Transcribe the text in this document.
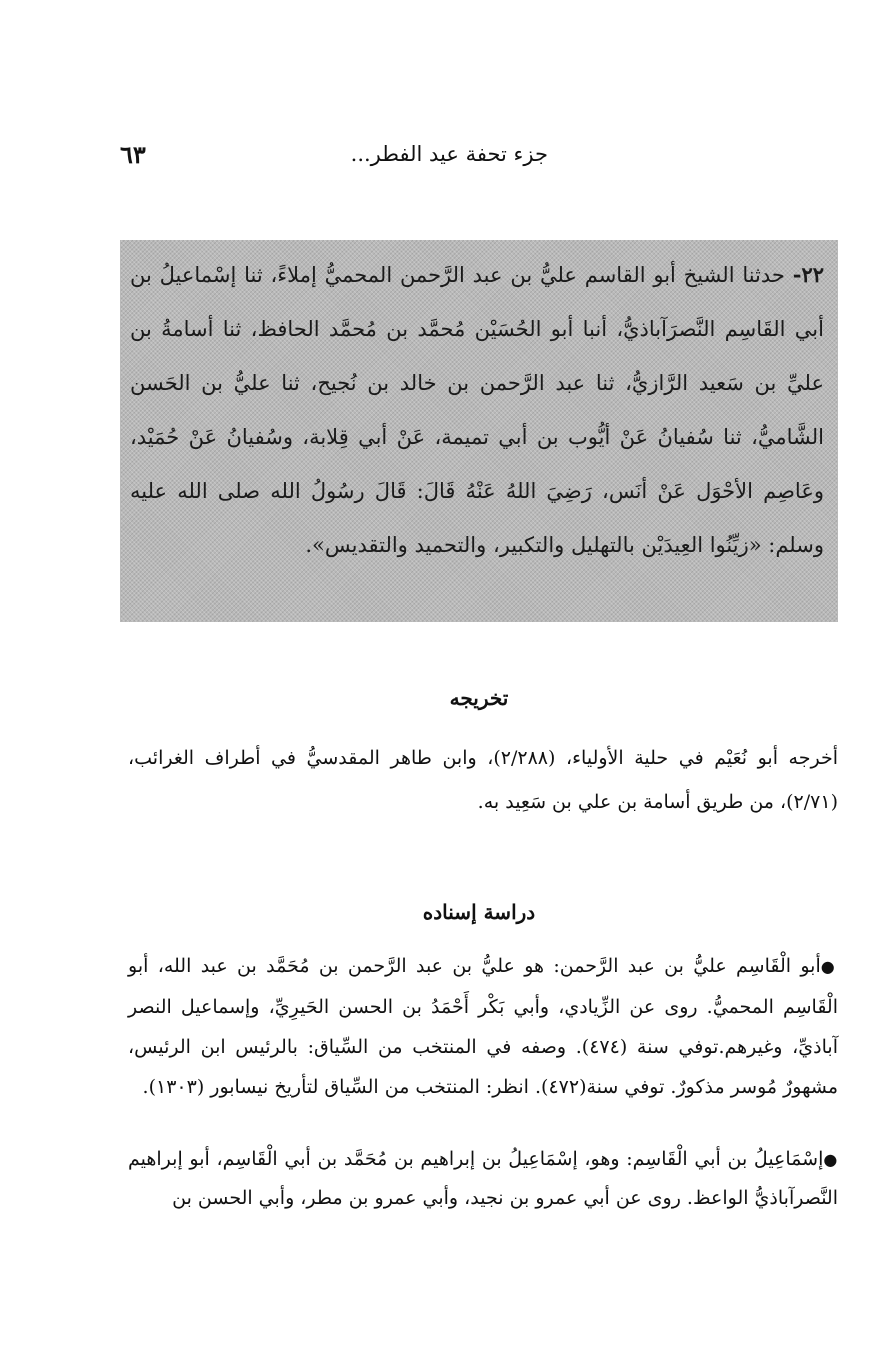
جزء تحفة عيد الفطر...
٦٣

٢٢- حدثنا الشيخ أبو القاسم عليُّ بن عبد الرَّحمن المحميُّ إملاءً، ثنا إسْماعيلُ بن أبي القَاسِم النَّصرَآباذيُّ، أنبا أبو الحُسَيْن مُحمَّد بن مُحمَّد الحافظ، ثنا أسامةُ بن عليِّ بن سَعيد الرَّازيُّ، ثنا عبد الرَّحمن بن خالد بن نُجيح، ثنا عليُّ بن الحَسن الشَّاميُّ، ثنا سُفيانُ عَنْ أيُّوب بن أبي تميمة، عَنْ أبي قِلابة، وسُفيانُ عَنْ حُمَيْد، وعَاصِم الأحْوَل عَنْ أنَس، رَضِيَ اللهُ عَنْهُ قَالَ: قَالَ رسُولُ الله صلى الله عليه وسلم: «زيِّنُوا العِيدَيْن بالتهليل والتكبير، والتحميد والتقديس».

تخريجه

أخرجه أبو نُعَيْم في حلية الأولياء، (٢/٢٨٨)، وابن طاهر المقدسيُّ في أطراف الغرائب، (٢/٧١)، من طريق أسامة بن علي بن سَعِيد به.

دراسة إسناده

●أبو الْقَاسِم عليُّ بن عبد الرَّحمن: هو عليُّ بن عبد الرَّحمن بن مُحَمَّد بن عبد الله، أبو الْقَاسِم المحميُّ. روى عن الزِّيادي، وأبي بَكْر أَحْمَدُ بن الحسن الحَيرِيِّ، وإسماعيل النصر آباذيِّ، وغيرهم.توفي سنة (٤٧٤). وصفه في المنتخب من السِّياق: بالرئيس ابن الرئيس، مشهورٌ مُوسر مذكورٌ. توفي سنة(٤٧٢). انظر: المنتخب من السِّياق لتأريخ نيسابور (١٣٠٣).

●إسْمَاعِيلُ بن أبي الْقَاسِم: وهو، إسْمَاعِيلُ بن إبراهيم بن مُحَمَّد بن أبي الْقَاسِم، أبو إبراهيم النَّصرآباذيُّ الواعظ. روى عن أبي عمرو بن نجيد، وأبي عمرو بن مطر، وأبي الحسن بن
